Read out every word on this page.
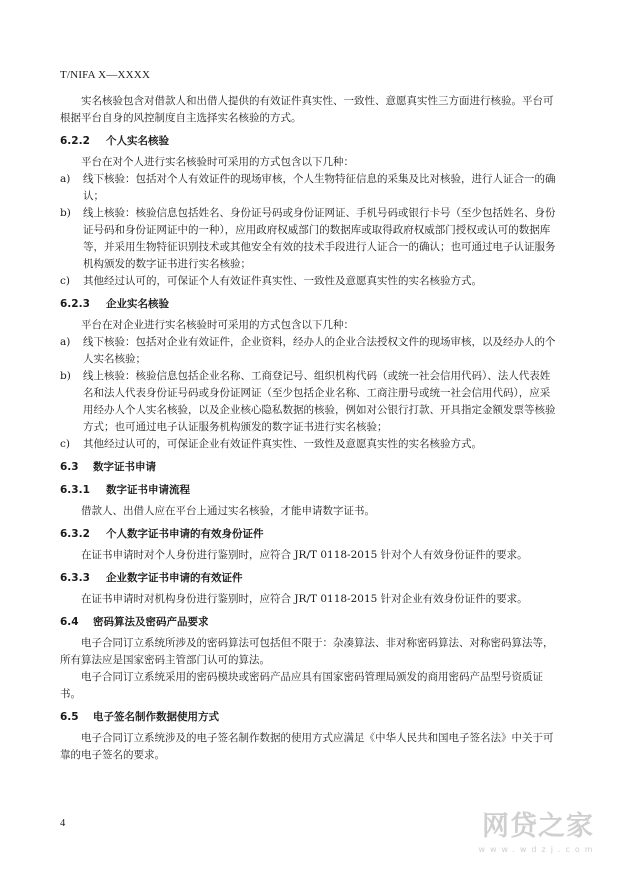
T/NIFA X—XXXX

实名核验包含对借款人和出借人提供的有效证件真实性、一致性、意愿真实性三方面进行核验。平台可根据平台自身的风控制度自主选择实名核验的方式。

6.2.2 个人实名核验

平台在对个人进行实名核验时可采用的方式包含以下几种：

a)	线下核验：包括对个人有效证件的现场审核，个人生物特征信息的采集及比对核验，进行人证合一的确认；
b)	线上核验：核验信息包括姓名、身份证号码或身份证网证、手机号码或银行卡号（至少包括姓名、身份证号码和身份证网证中的一种），应用政府权威部门的数据库或取得政府权威部门授权或认可的数据库等，并采用生物特征识别技术或其他安全有效的技术手段进行人证合一的确认；也可通过电子认证服务机构颁发的数字证书进行实名核验；
c)	其他经过认可的，可保证个人有效证件真实性、一致性及意愿真实性的实名核验方式。
6.2.3 企业实名核验

平台在对企业进行实名核验时可采用的方式包含以下几种：

a)	线下核验：包括对企业有效证件，企业资料，经办人的企业合法授权文件的现场审核，以及经办人的个人实名核验；
b)	线上核验：核验信息包括企业名称、工商登记号、组织机构代码（或统一社会信用代码）、法人代表姓名和法人代表身份证号码或身份证网证（至少包括企业名称、工商注册号或统一社会信用代码），应采用经办人个人实名核验，以及企业核心隐私数据的核验，例如对公银行打款、开具指定金额发票等核验方式；也可通过电子认证服务机构颁发的数字证书进行实名核验；
c)	其他经过认可的，可保证企业有效证件真实性、一致性及意愿真实性的实名核验方式。
6.3 数字证书申请
6.3.1 数字证书申请流程

借款人、出借人应在平台上通过实名核验，才能申请数字证书。

6.3.2 个人数字证书申请的有效身份证件

在证书申请时对个人身份进行鉴别时，应符合 JR/T 0118-2015 针对个人有效身份证件的要求。

6.3.3 企业数字证书申请的有效证件

在证书申请时对机构身份进行鉴别时，应符合 JR/T 0118-2015 针对企业有效身份证件的要求。

6.4 密码算法及密码产品要求

电子合同订立系统所涉及的密码算法可包括但不限于：杂凑算法、非对称密码算法、对称密码算法等，所有算法应是国家密码主管部门认可的算法。

电子合同订立系统采用的密码模块或密码产品应具有国家密码管理局颁发的商用密码产品型号资质证书。

6.5 电子签名制作数据使用方式

电子合同订立系统涉及的电子签名制作数据的使用方式应满足《中华人民共和国电子签名法》中关于可靠的电子签名的要求。

4	网贷之家
www.wdzj.com
